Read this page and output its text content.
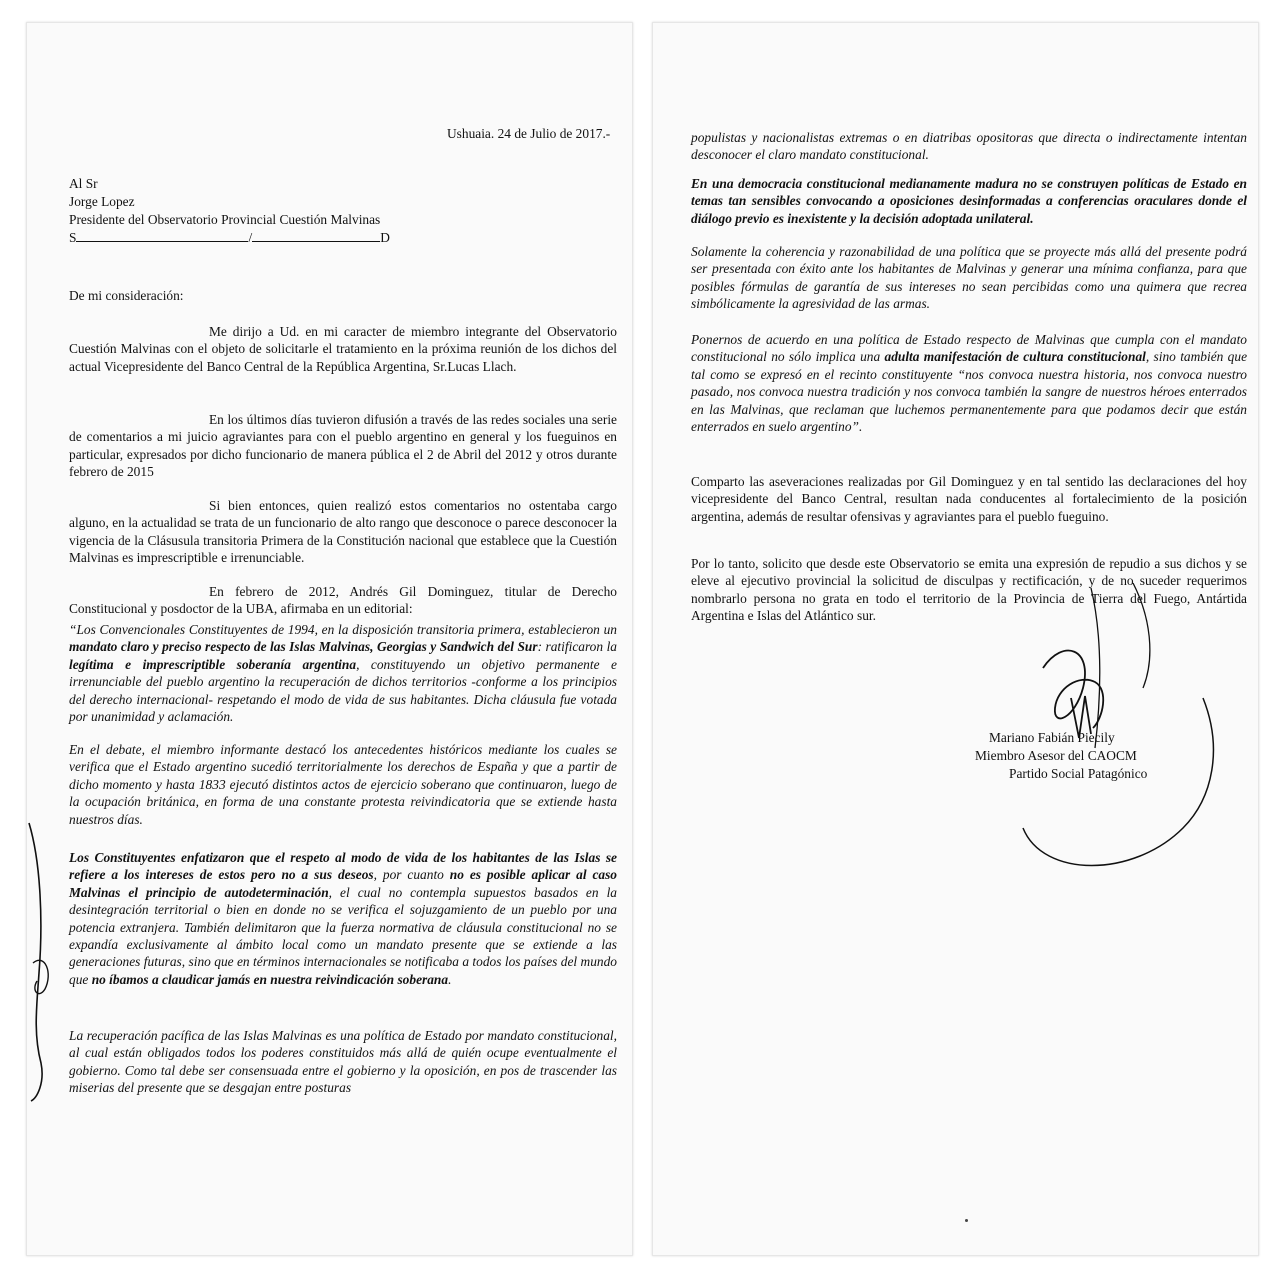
Ushuaia. 24 de Julio de 2017.-

Al Sr

Jorge Lopez

Presidente del Observatorio Provincial Cuestión Malvinas

S	/	D

De mi consideración:

Me dirijo a Ud. en mi caracter de miembro integrante del Observatorio Cuestión Malvinas con el objeto de solicitarle el tratamiento en la próxima reunión de los dichos del actual Vicepresidente del Banco Central de la República Argentina, Sr.Lucas Llach.

En los últimos días tuvieron difusión a través de las redes sociales una serie de comentarios a mi juicio agraviantes para con el pueblo argentino en general y los fueguinos en particular, expresados por dicho funcionario de manera pública el 2 de Abril del 2012 y otros durante febrero de 2015

Si bien entonces, quien realizó estos comentarios no ostentaba cargo alguno, en la actualidad se trata de un funcionario de alto rango que desconoce o parece desconocer la vigencia de la Clásusula transitoria Primera de la Constitución nacional que establece que la Cuestión Malvinas es imprescriptible e irrenunciable.

En febrero de 2012, Andrés Gil Dominguez, titular de Derecho Constitucional y posdoctor de la UBA, afirmaba en un editorial:

“Los Convencionales Constituyentes de 1994, en la disposición transitoria primera, establecieron un mandato claro y preciso respecto de las Islas Malvinas, Georgias y Sandwich del Sur: ratificaron la legítima e imprescriptible soberanía argentina, constituyendo un objetivo permanente e irrenunciable del pueblo argentino la recuperación de dichos territorios -conforme a los principios del derecho internacional- respetando el modo de vida de sus habitantes. Dicha cláusula fue votada por unanimidad y aclamación.

En el debate, el miembro informante destacó los antecedentes históricos mediante los cuales se verifica que el Estado argentino sucedió territorialmente los derechos de España y que a partir de dicho momento y hasta 1833 ejecutó distintos actos de ejercicio soberano que continuaron, luego de la ocupación británica, en forma de una constante protesta reivindicatoria que se extiende hasta nuestros días.

Los Constituyentes enfatizaron que el respeto al modo de vida de los habitantes de las Islas se refiere a los intereses de estos pero no a sus deseos, por cuanto no es posible aplicar al caso Malvinas el principio de autodeterminación, el cual no contempla supuestos basados en la desintegración territorial o bien en donde no se verifica el sojuzgamiento de un pueblo por una potencia extranjera. También delimitaron que la fuerza normativa de cláusula constitucional no se expandía exclusivamente al ámbito local como un mandato presente que se extiende a las generaciones futuras, sino que en términos internacionales se notificaba a todos los países del mundo que no íbamos a claudicar jamás en nuestra reivindicación soberana.

La recuperación pacífica de las Islas Malvinas es una política de Estado por mandato constitucional, al cual están obligados todos los poderes constituidos más allá de quién ocupe eventualmente el gobierno. Como tal debe ser consensuada entre el gobierno y la oposición, en pos de trascender las miserias del presente que se desgajan entre posturas

populistas y nacionalistas extremas o en diatribas opositoras que directa o indirectamente intentan desconocer el claro mandato constitucional.

En una democracia constitucional medianamente madura no se construyen políticas de Estado en temas tan sensibles convocando a oposiciones desinformadas a conferencias oraculares donde el diálogo previo es inexistente y la decisión adoptada unilateral.

Solamente la coherencia y razonabilidad de una política que se proyecte más allá del presente podrá ser presentada con éxito ante los habitantes de Malvinas y generar una mínima confianza, para que posibles fórmulas de garantía de sus intereses no sean percibidas como una quimera que recrea simbólicamente la agresividad de las armas.

Ponernos de acuerdo en una política de Estado respecto de Malvinas que cumpla con el mandato constitucional no sólo implica una adulta manifestación de cultura constitucional, sino también que tal como se expresó en el recinto constituyente “nos convoca nuestra historia, nos convoca nuestro pasado, nos convoca nuestra tradición y nos convoca también la sangre de nuestros héroes enterrados en las Malvinas, que reclaman que luchemos permanentemente para que podamos decir que están enterrados en suelo argentino”.

Comparto las aseveraciones realizadas por Gil Dominguez y en tal sentido las declaraciones del hoy vicepresidente del Banco Central, resultan nada conducentes al fortalecimiento de la posición argentina, además de resultar ofensivas y agraviantes para el pueblo fueguino.

Por lo tanto, solicito que desde este Observatorio se emita una expresión de repudio a sus dichos y se eleve al ejecutivo provincial la solicitud de disculpas y rectificación, y de no suceder requerimos nombrarlo persona no grata en todo el territorio de la Provincia de Tierra del Fuego, Antártida Argentina e Islas del Atlántico sur.

Mariano Fabián Piecily

Miembro Asesor del CAOCM

Partido Social Patagónico
